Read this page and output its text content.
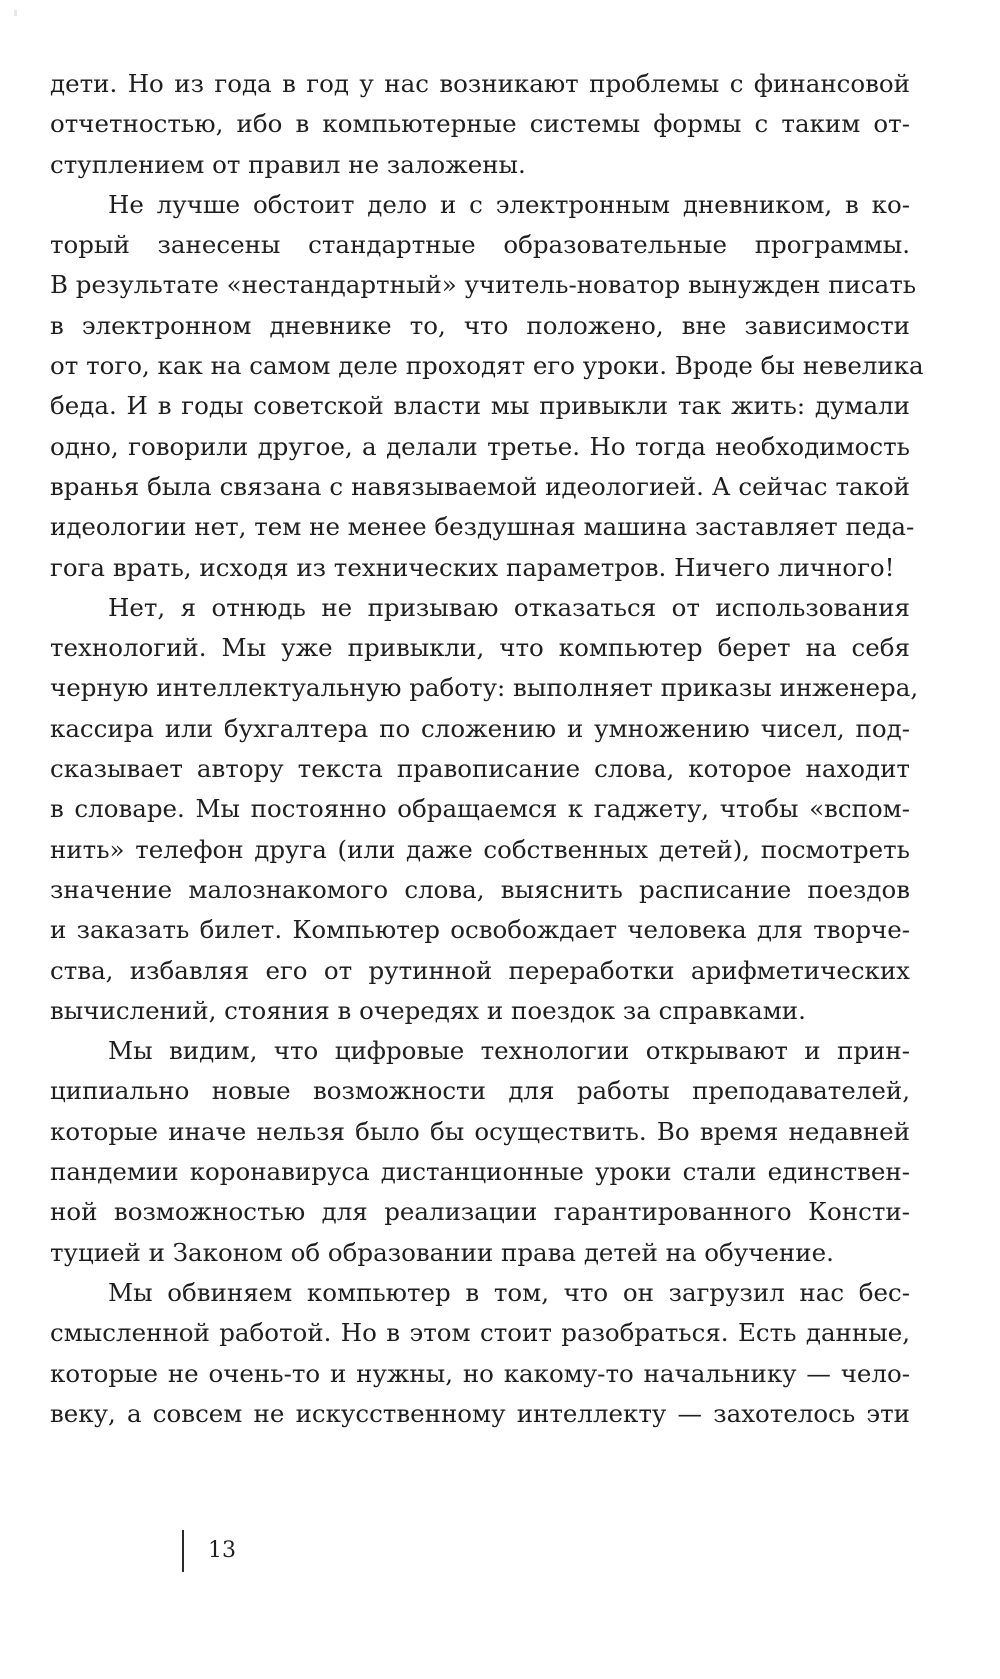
дети. Но из года в год у нас возникают проблемы с финансовой
отчетностью, ибо в компьютерные системы формы с таким от-
ступлением от правил не заложены.
Не лучше обстоит дело и с электронным дневником, в ко-
торый занесены стандартные образовательные программы.
В результате «нестандартный» учитель-новатор вынужден писать
в электронном дневнике то, что положено, вне зависимости
от того, как на самом деле проходят его уроки. Вроде бы невелика
беда. И в годы советской власти мы привыкли так жить: думали
одно, говорили другое, а делали третье. Но тогда необходимость
вранья была связана с навязываемой идеологией. А сейчас такой
идеологии нет, тем не менее бездушная машина заставляет педа-
гога врать, исходя из технических параметров. Ничего личного!
Нет, я отнюдь не призываю отказаться от использования
технологий. Мы уже привыкли, что компьютер берет на себя
черную интеллектуальную работу: выполняет приказы инженера,
кассира или бухгалтера по сложению и умножению чисел, под-
сказывает автору текста правописание слова, которое находит
в словаре. Мы постоянно обращаемся к гаджету, чтобы «вспом-
нить» телефон друга (или даже собственных детей), посмотреть
значение малознакомого слова, выяснить расписание поездов
и заказать билет. Компьютер освобождает человека для творче-
ства, избавляя его от рутинной переработки арифметических
вычислений, стояния в очередях и поездок за справками.
Мы видим, что цифровые технологии открывают и прин-
ципиально новые возможности для работы преподавателей,
которые иначе нельзя было бы осуществить. Во время недавней
пандемии коронавируса дистанционные уроки стали единствен-
ной возможностью для реализации гарантированного Консти-
туцией и Законом об образовании права детей на обучение.
Мы обвиняем компьютер в том, что он загрузил нас бес-
смысленной работой. Но в этом стоит разобраться. Есть данные,
которые не очень-то и нужны, но какому-то начальнику — чело-
веку, а совсем не искусственному интеллекту — захотелось эти
13
